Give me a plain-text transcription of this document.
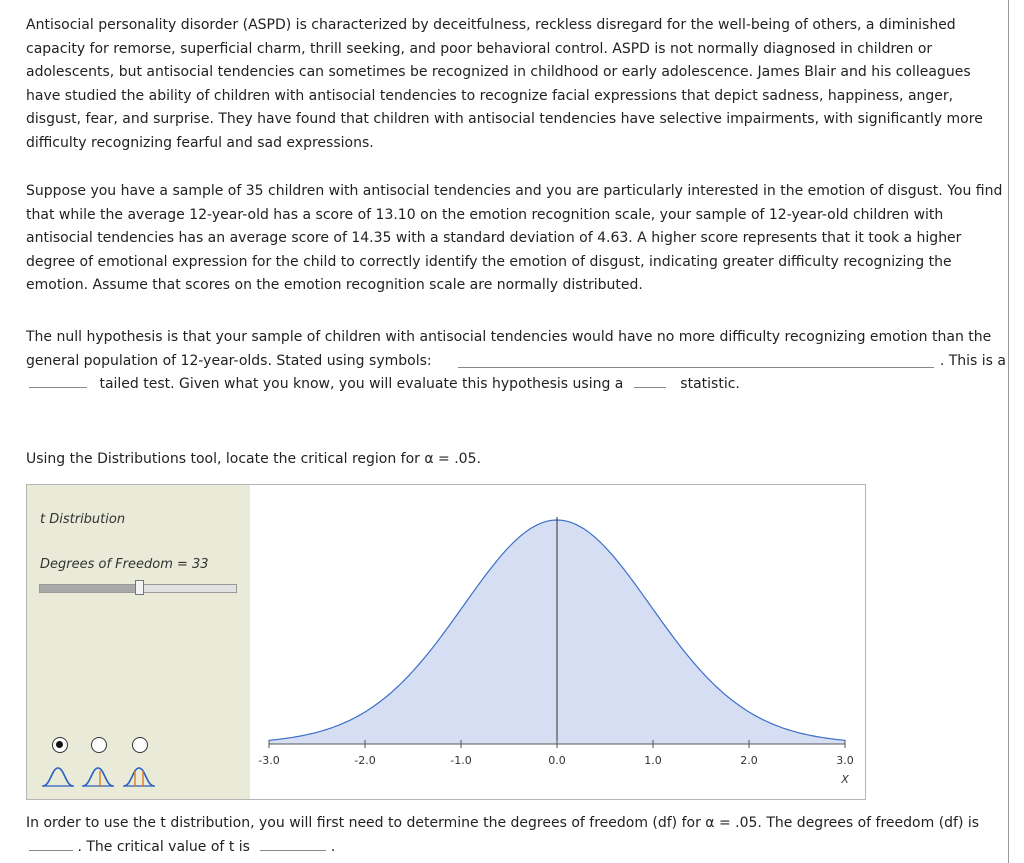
Antisocial personality disorder (ASPD) is characterized by deceitfulness, reckless disregard for the well-being of others, a diminished capacity for remorse, superficial charm, thrill seeking, and poor behavioral control. ASPD is not normally diagnosed in children or adolescents, but antisocial tendencies can sometimes be recognized in childhood or early adolescence. James Blair and his colleagues have studied the ability of children with antisocial tendencies to recognize facial expressions that depict sadness, happiness, anger, disgust, fear, and surprise. They have found that children with antisocial tendencies have selective impairments, with significantly more difficulty recognizing fearful and sad expressions.

Suppose you have a sample of 35 children with antisocial tendencies and you are particularly interested in the emotion of disgust. You find that while the average 12-year-old has a score of 13.10 on the emotion recognition scale, your sample of 12-year-old children with antisocial tendencies has an average score of 14.35 with a standard deviation of 4.63. A higher score represents that it took a higher degree of emotional expression for the child to correctly identify the emotion of disgust, indicating greater difficulty recognizing the emotion. Assume that scores on the emotion recognition scale are normally distributed.

The null hypothesis is that your sample of children with antisocial tendencies would have no more difficulty recognizing emotion than the general population of 12-year-olds. Stated using symbols:	. This is a

tailed test. Given what you know, you will evaluate this hypothesis using a	statistic.

Using the Distributions tool, locate the critical region for α = .05.

t Distribution
Degrees of Freedom = 33
-3.0	-2.0	-1.0	0.0	1.0	2.0	3.0
X
In order to use the t distribution, you will first need to determine the degrees of freedom (df) for α = .05. The degrees of freedom (df) is
. The critical value of t is	.
